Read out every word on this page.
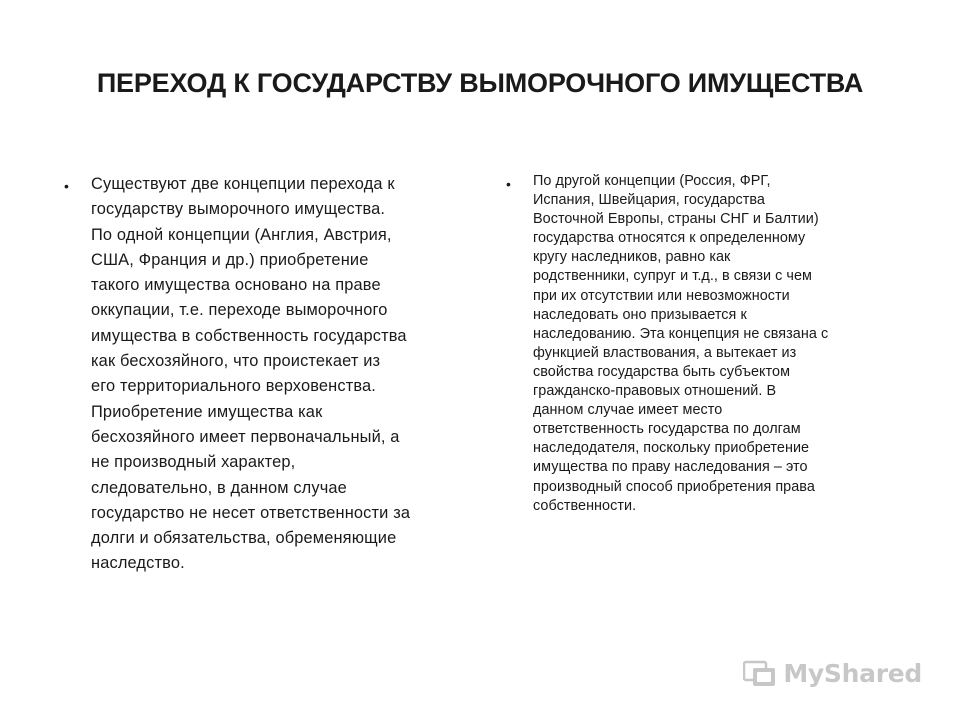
ПЕРЕХОД К ГОСУДАРСТВУ ВЫМОРОЧНОГО ИМУЩЕСТВА
•	Существуют две концепции перехода к
государству выморочного имущества.
По одной концепции (Англия, Австрия,
США, Франция и др.) приобретение
такого имущества основано на праве
оккупации, т.е. переходе выморочного
имущества в собственность государства
как бесхозяйного, что проистекает из
его территориального верховенства.
Приобретение имущества как
бесхозяйного имеет первоначальный, а
не производный характер,
следовательно, в данном случае
государство не несет ответственности за
долги и обязательства, обременяющие
наследство.
•	По другой концепции (Россия, ФРГ,
Испания, Швейцария, государства
Восточной Европы, страны СНГ и Балтии)
государства относятся к определенному
кругу наследников, равно как
родственники, супруг и т.д., в связи с чем
при их отсутствии или невозможности
наследовать оно призывается к
наследованию. Эта концепция не связана с
функцией властвования, а вытекает из
свойства государства быть субъектом
гражданско-правовых отношений. В
данном случае имеет место
ответственность государства по долгам
наследодателя, поскольку приобретение
имущества по праву наследования – это
производный способ приобретения права
собственности.
MyShared
